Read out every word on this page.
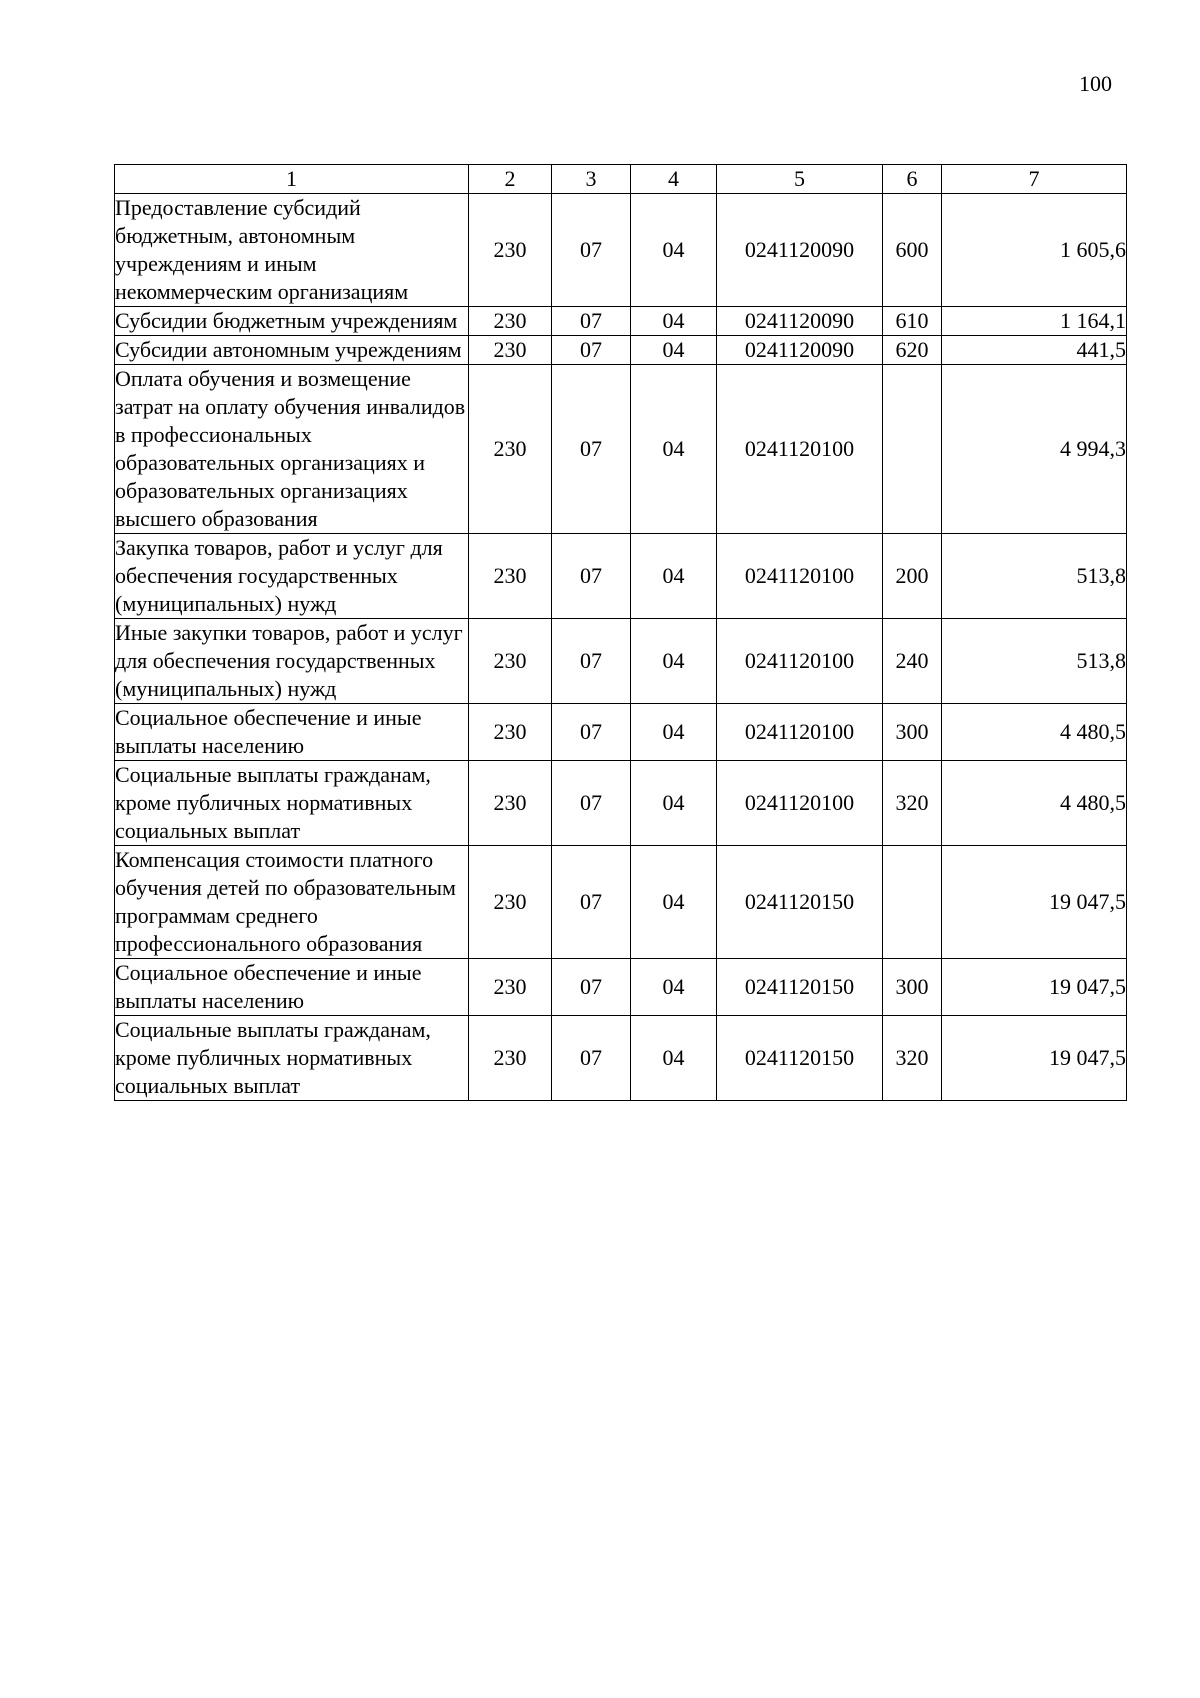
100
1	2	3	4	5	6	7
Предоставление субсидий бюджетным, автономным учреждениям и иным некоммерческим организациям	230	07	04	0241120090	600	1 605,6
Субсидии бюджетным учреждениям	230	07	04	0241120090	610	1 164,1
Субсидии автономным учреждениям	230	07	04	0241120090	620	441,5
Оплата обучения и возмещение затрат на оплату обучения инвалидов в профессиональных образовательных организациях и образовательных организациях высшего образования	230	07	04	0241120100		4 994,3
Закупка товаров, работ и услуг для обеспечения государственных (муниципальных) нужд	230	07	04	0241120100	200	513,8
Иные закупки товаров, работ и услуг для обеспечения государственных (муниципальных) нужд	230	07	04	0241120100	240	513,8
Социальное обеспечение и иные выплаты населению	230	07	04	0241120100	300	4 480,5
Социальные выплаты гражданам, кроме публичных нормативных социальных выплат	230	07	04	0241120100	320	4 480,5
Компенсация стоимости платного обучения детей по образовательным программам среднего профессионального образования	230	07	04	0241120150		19 047,5
Социальное обеспечение и иные выплаты населению	230	07	04	0241120150	300	19 047,5
Социальные выплаты гражданам, кроме публичных нормативных социальных выплат	230	07	04	0241120150	320	19 047,5
